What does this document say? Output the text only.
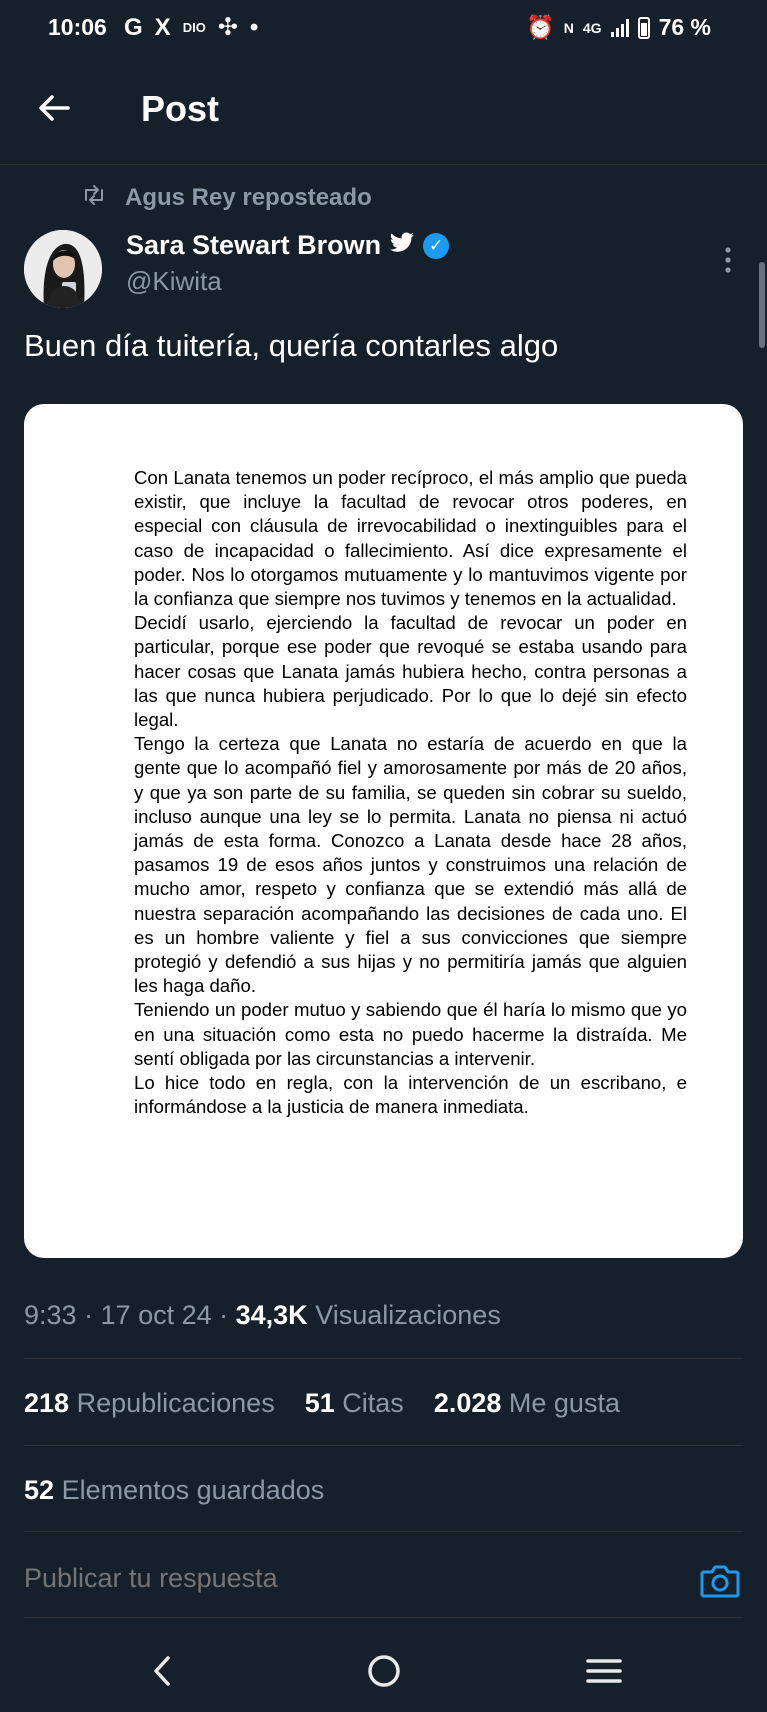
10:06 G X DIO ✣ •	⏰ N 4G 76 %
Post
Agus Rey reposteado
Sara Stewart Brown	✓
@Kiwita
Buen día tuitería, quería contarles algo

Con Lanata tenemos un poder recíproco, el más amplio que pueda existir, que incluye la facultad de revocar otros poderes, en especial con cláusula de irrevocabilidad o inextinguibles para el caso de incapacidad o fallecimiento. Así dice expresamente el poder. Nos lo otorgamos mutuamente y lo mantuvimos vigente por la confianza que siempre nos tuvimos y tenemos en la actualidad.

Decidí usarlo, ejerciendo la facultad de revocar un poder en particular, porque ese poder que revoqué se estaba usando para hacer cosas que Lanata jamás hubiera hecho, contra personas a las que nunca hubiera perjudicado. Por lo que lo dejé sin efecto legal.

Tengo la certeza que Lanata no estaría de acuerdo en que la gente que lo acompañó fiel y amorosamente por más de 20 años, y que ya son parte de su familia, se queden sin cobrar su sueldo, incluso aunque una ley se lo permita. Lanata no piensa ni actuó jamás de esta forma. Conozco a Lanata desde hace 28 años, pasamos 19 de esos años juntos y construimos una relación de mucho amor, respeto y confianza que se extendió más allá de nuestra separación acompañando las decisiones de cada uno. El es un hombre valiente y fiel a sus convicciones que siempre protegió y defendió a sus hijas y no permitiría jamás que alguien les haga daño.

Teniendo un poder mutuo y sabiendo que él haría lo mismo que yo en una situación como esta no puedo hacerme la distraída. Me sentí obligada por las circunstancias a intervenir.

Lo hice todo en regla, con la intervención de un escribano, e informándose a la justicia de manera inmediata.

9:33 · 17 oct 24 · 34,3K Visualizaciones
218 Republicaciones 51 Citas 2.028 Me gusta
52 Elementos guardados
Publicar tu respuesta
